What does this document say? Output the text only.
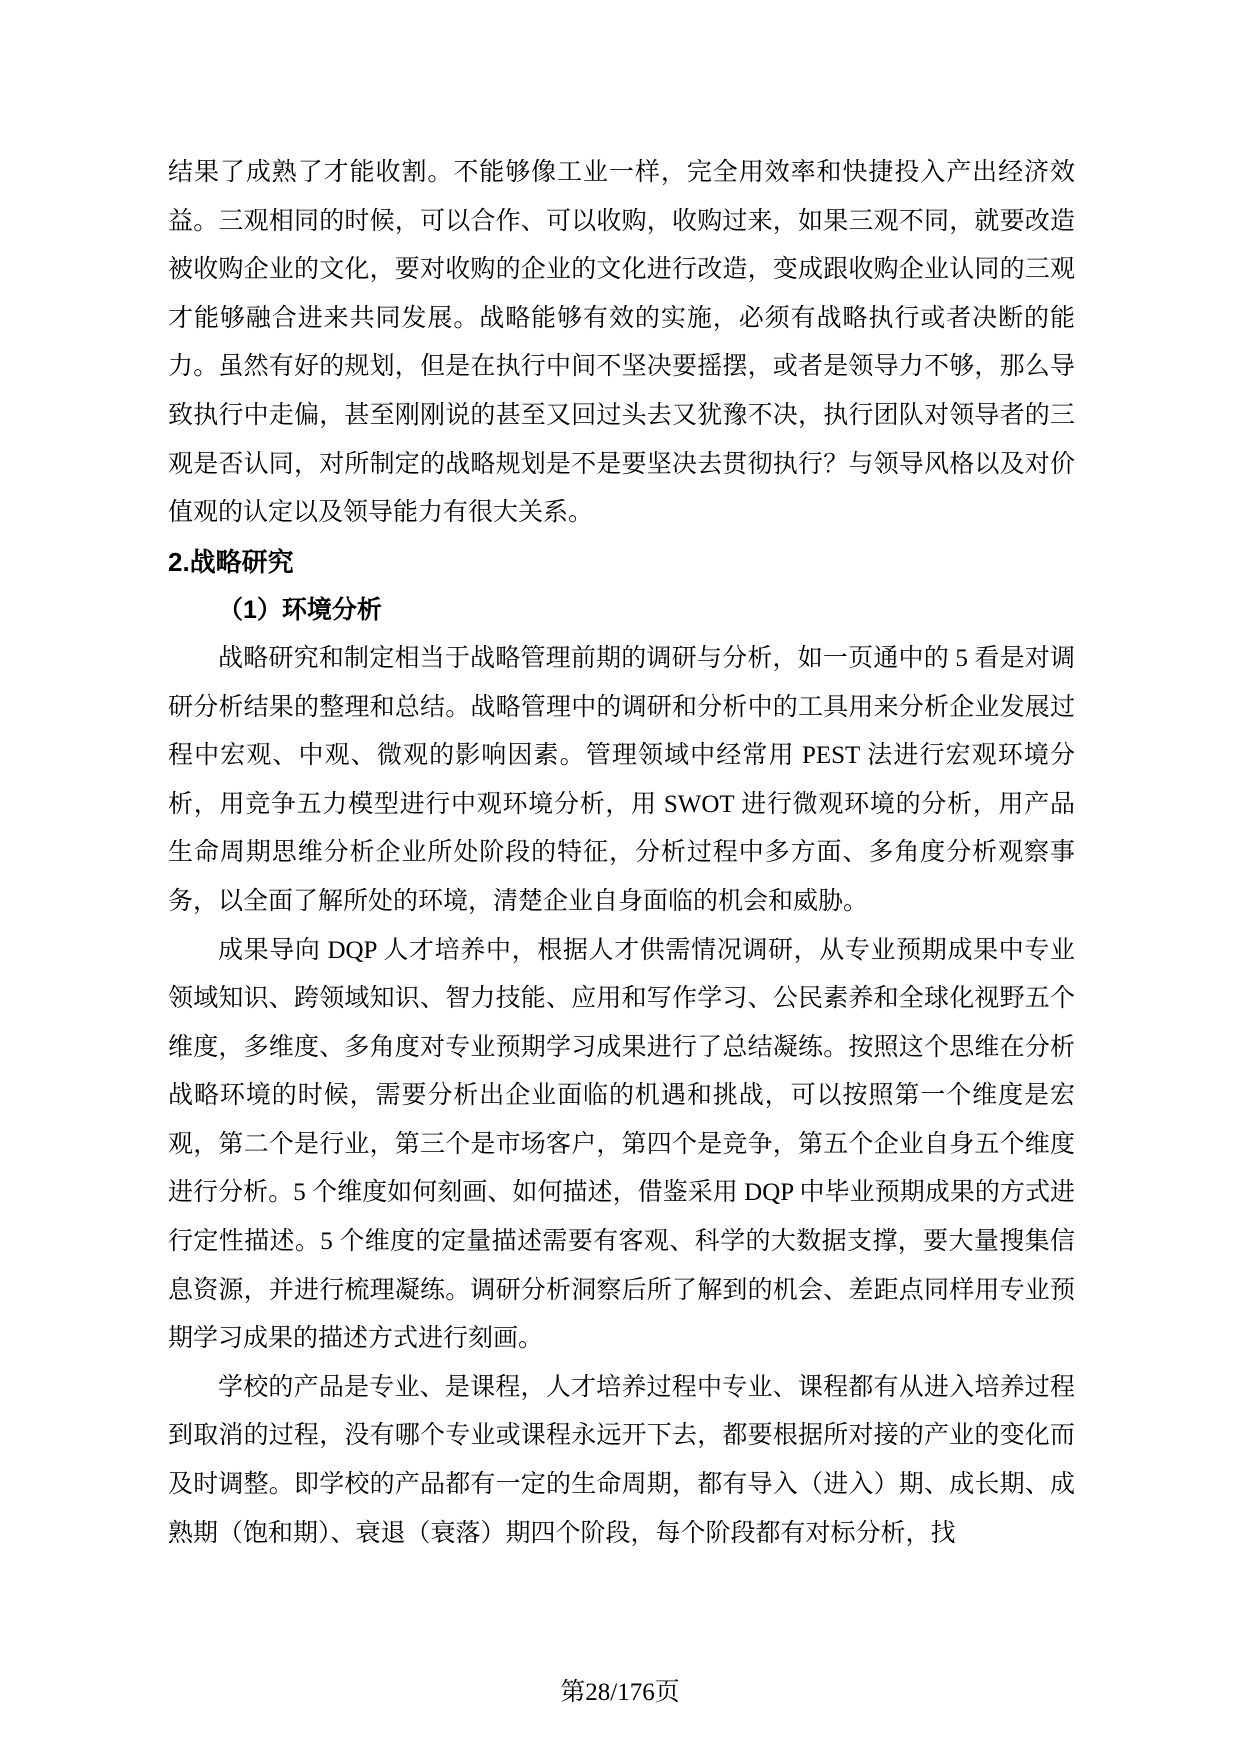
结果了成熟了才能收割。不能够像工业一样，完全用效率和快捷投入产出经济效益。三观相同的时候，可以合作、可以收购，收购过来，如果三观不同，就要改造被收购企业的文化，要对收购的企业的文化进行改造，变成跟收购企业认同的三观才能够融合进来共同发展。战略能够有效的实施，必须有战略执行或者决断的能力。虽然有好的规划，但是在执行中间不坚决要摇摆，或者是领导力不够，那么导致执行中走偏，甚至刚刚说的甚至又回过头去又犹豫不决，执行团队对领导者的三观是否认同，对所制定的战略规划是不是要坚决去贯彻执行？与领导风格以及对价值观的认定以及领导能力有很大关系。

2.战略研究
（1）环境分析

战略研究和制定相当于战略管理前期的调研与分析，如一页通中的 5 看是对调研分析结果的整理和总结。战略管理中的调研和分析中的工具用来分析企业发展过程中宏观、中观、微观的影响因素。管理领域中经常用 PEST 法进行宏观环境分析，用竞争五力模型进行中观环境分析，用 SWOT 进行微观环境的分析，用产品生命周期思维分析企业所处阶段的特征，分析过程中多方面、多角度分析观察事务，以全面了解所处的环境，清楚企业自身面临的机会和威胁。

成果导向 DQP 人才培养中，根据人才供需情况调研，从专业预期成果中专业领域知识、跨领域知识、智力技能、应用和写作学习、公民素养和全球化视野五个维度，多维度、多角度对专业预期学习成果进行了总结凝练。按照这个思维在分析战略环境的时候，需要分析出企业面临的机遇和挑战，可以按照第一个维度是宏观，第二个是行业，第三个是市场客户，第四个是竞争，第五个企业自身五个维度进行分析。5 个维度如何刻画、如何描述，借鉴采用 DQP 中毕业预期成果的方式进行定性描述。5 个维度的定量描述需要有客观、科学的大数据支撑，要大量搜集信息资源，并进行梳理凝练。调研分析洞察后所了解到的机会、差距点同样用专业预期学习成果的描述方式进行刻画。

学校的产品是专业、是课程，人才培养过程中专业、课程都有从进入培养过程到取消的过程，没有哪个专业或课程永远开下去，都要根据所对接的产业的变化而及时调整。即学校的产品都有一定的生命周期，都有导入（进入）期、成长期、成熟期（饱和期）、衰退（衰落）期四个阶段，每个阶段都有对标分析，找

第28/176页
